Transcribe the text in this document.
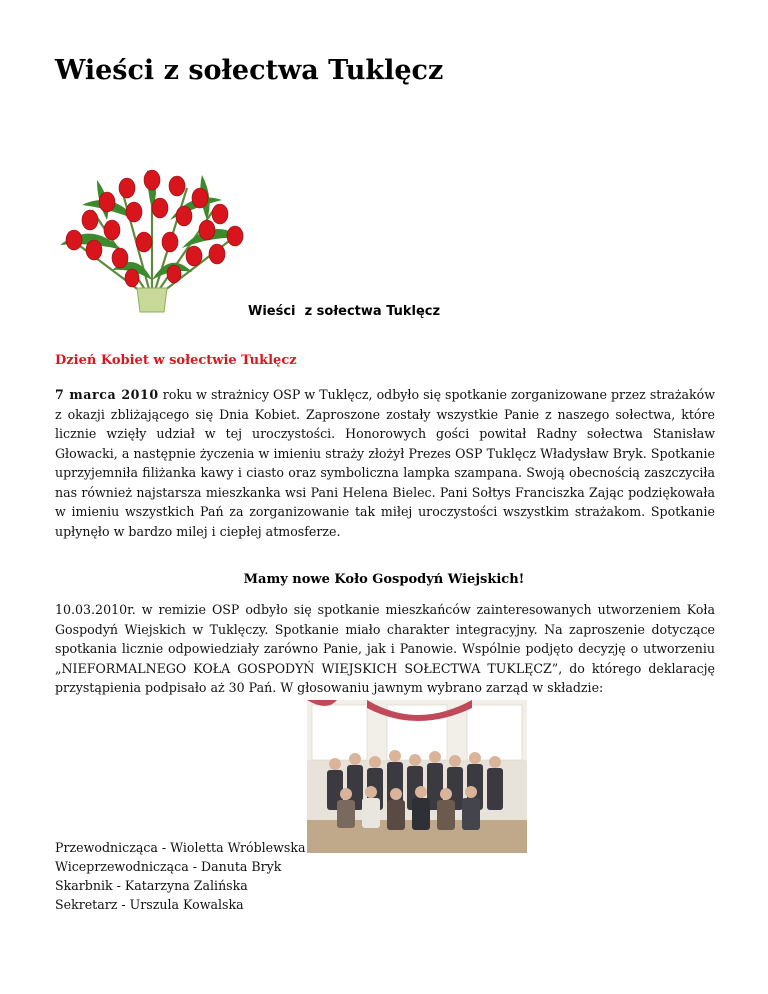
Wieści z sołectwa Tuklęcz

Wieści  z sołectwa Tuklęcz

Dzień Kobiet w sołectwie Tuklęcz

7 marca 2010 roku w strażnicy OSP w Tuklęcz, odbyło się spotkanie zorganizowane przez strażaków z okazji zbliżającego się Dnia Kobiet. Zaproszone zostały wszystkie Panie z naszego sołectwa, które licznie wzięły udział w tej uroczystości. Honorowych gości powitał Radny sołectwa Stanisław Głowacki, a następnie życzenia w imieniu straży złożył Prezes OSP Tuklęcz Władysław Bryk. Spotkanie uprzyjemniła filiżanka kawy i ciasto oraz symboliczna lampka szampana. Swoją obecnością zaszczyciła nas również najstarsza mieszkanka wsi Pani Helena Bielec. Pani Sołtys Franciszka Zając podziękowała w imieniu wszystkich Pań za zorganizowanie tak miłej uroczystości wszystkim strażakom. Spotkanie upłynęło w bardzo milej i ciepłej atmosferze.

Mamy nowe Koło Gospodyń Wiejskich!

10.03.2010r. w remizie OSP odbyło się spotkanie mieszkańców zainteresowanych utworzeniem Koła Gospodyń Wiejskich w Tuklęczy. Spotkanie miało charakter integracyjny. Na zaproszenie dotyczące spotkania licznie odpowiedziały zarówno Panie, jak i Panowie. Wspólnie podjęto decyzję o utworzeniu „NIEFORMALNEGO KOŁA GOSPODYŃ WIEJSKICH SOŁECTWA TUKLĘCZ”, do którego deklarację przystąpienia podpisało aż 30 Pań. W głosowaniu jawnym wybrano zarząd w składzie:

Przewodnicząca - Wioletta Wróblewska
Wiceprzewodnicząca - Danuta Bryk
Skarbnik - Katarzyna Zalińska
Sekretarz - Urszula Kowalska
